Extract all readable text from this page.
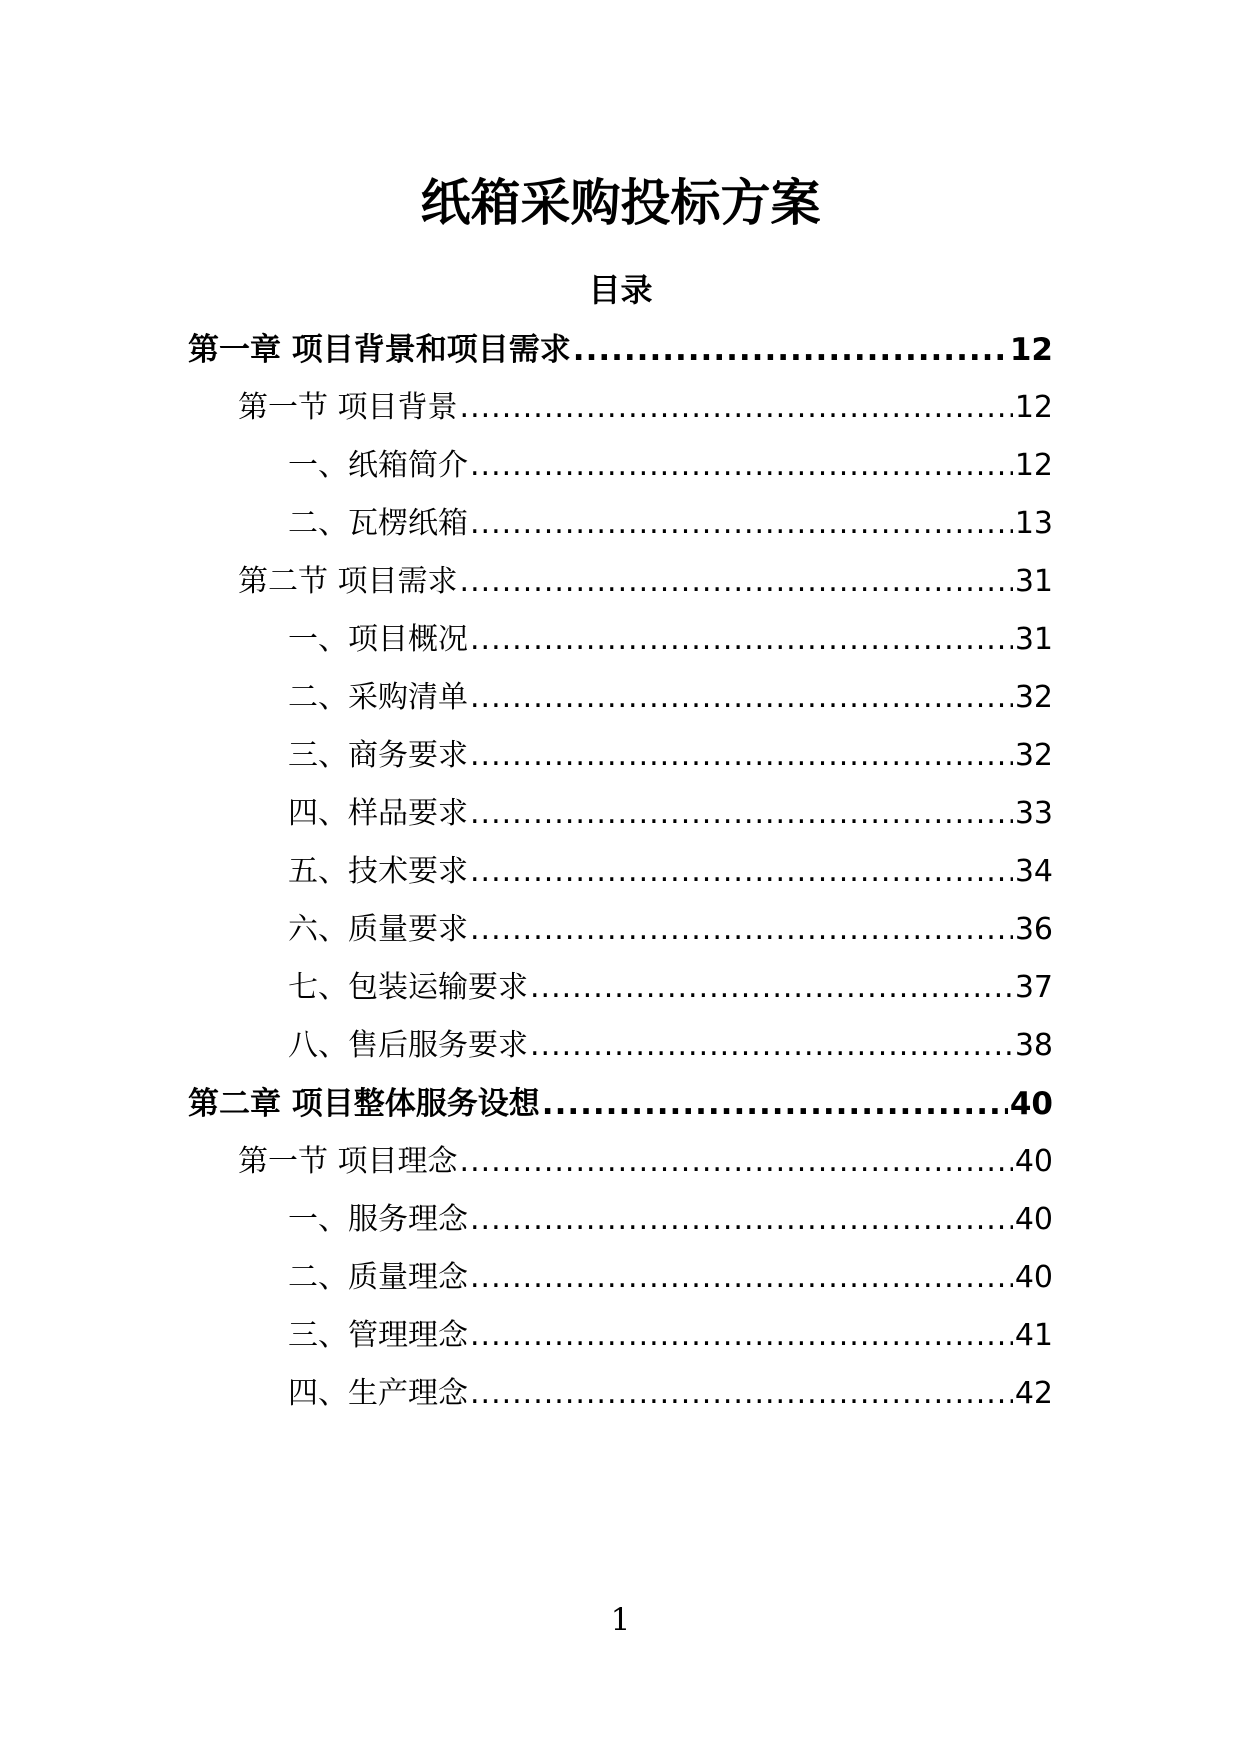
纸箱采购投标方案
目录
第一章 项目背景和项目需求 .....	12
第一节 项目背景 .....	12
一、纸箱简介 .....	12
二、瓦楞纸箱 .....	13
第二节 项目需求 .....	31
一、项目概况 .....	31
二、采购清单 .....	32
三、商务要求 .....	32
四、样品要求 .....	33
五、技术要求 .....	34
六、质量要求 .....	36
七、包装运输要求 .....	37
八、售后服务要求 .....	38
第二章 项目整体服务设想 .....	40
第一节 项目理念 .....	40
一、服务理念 .....	40
二、质量理念 .....	40
三、管理理念 .....	41
四、生产理念 .....	42
1
